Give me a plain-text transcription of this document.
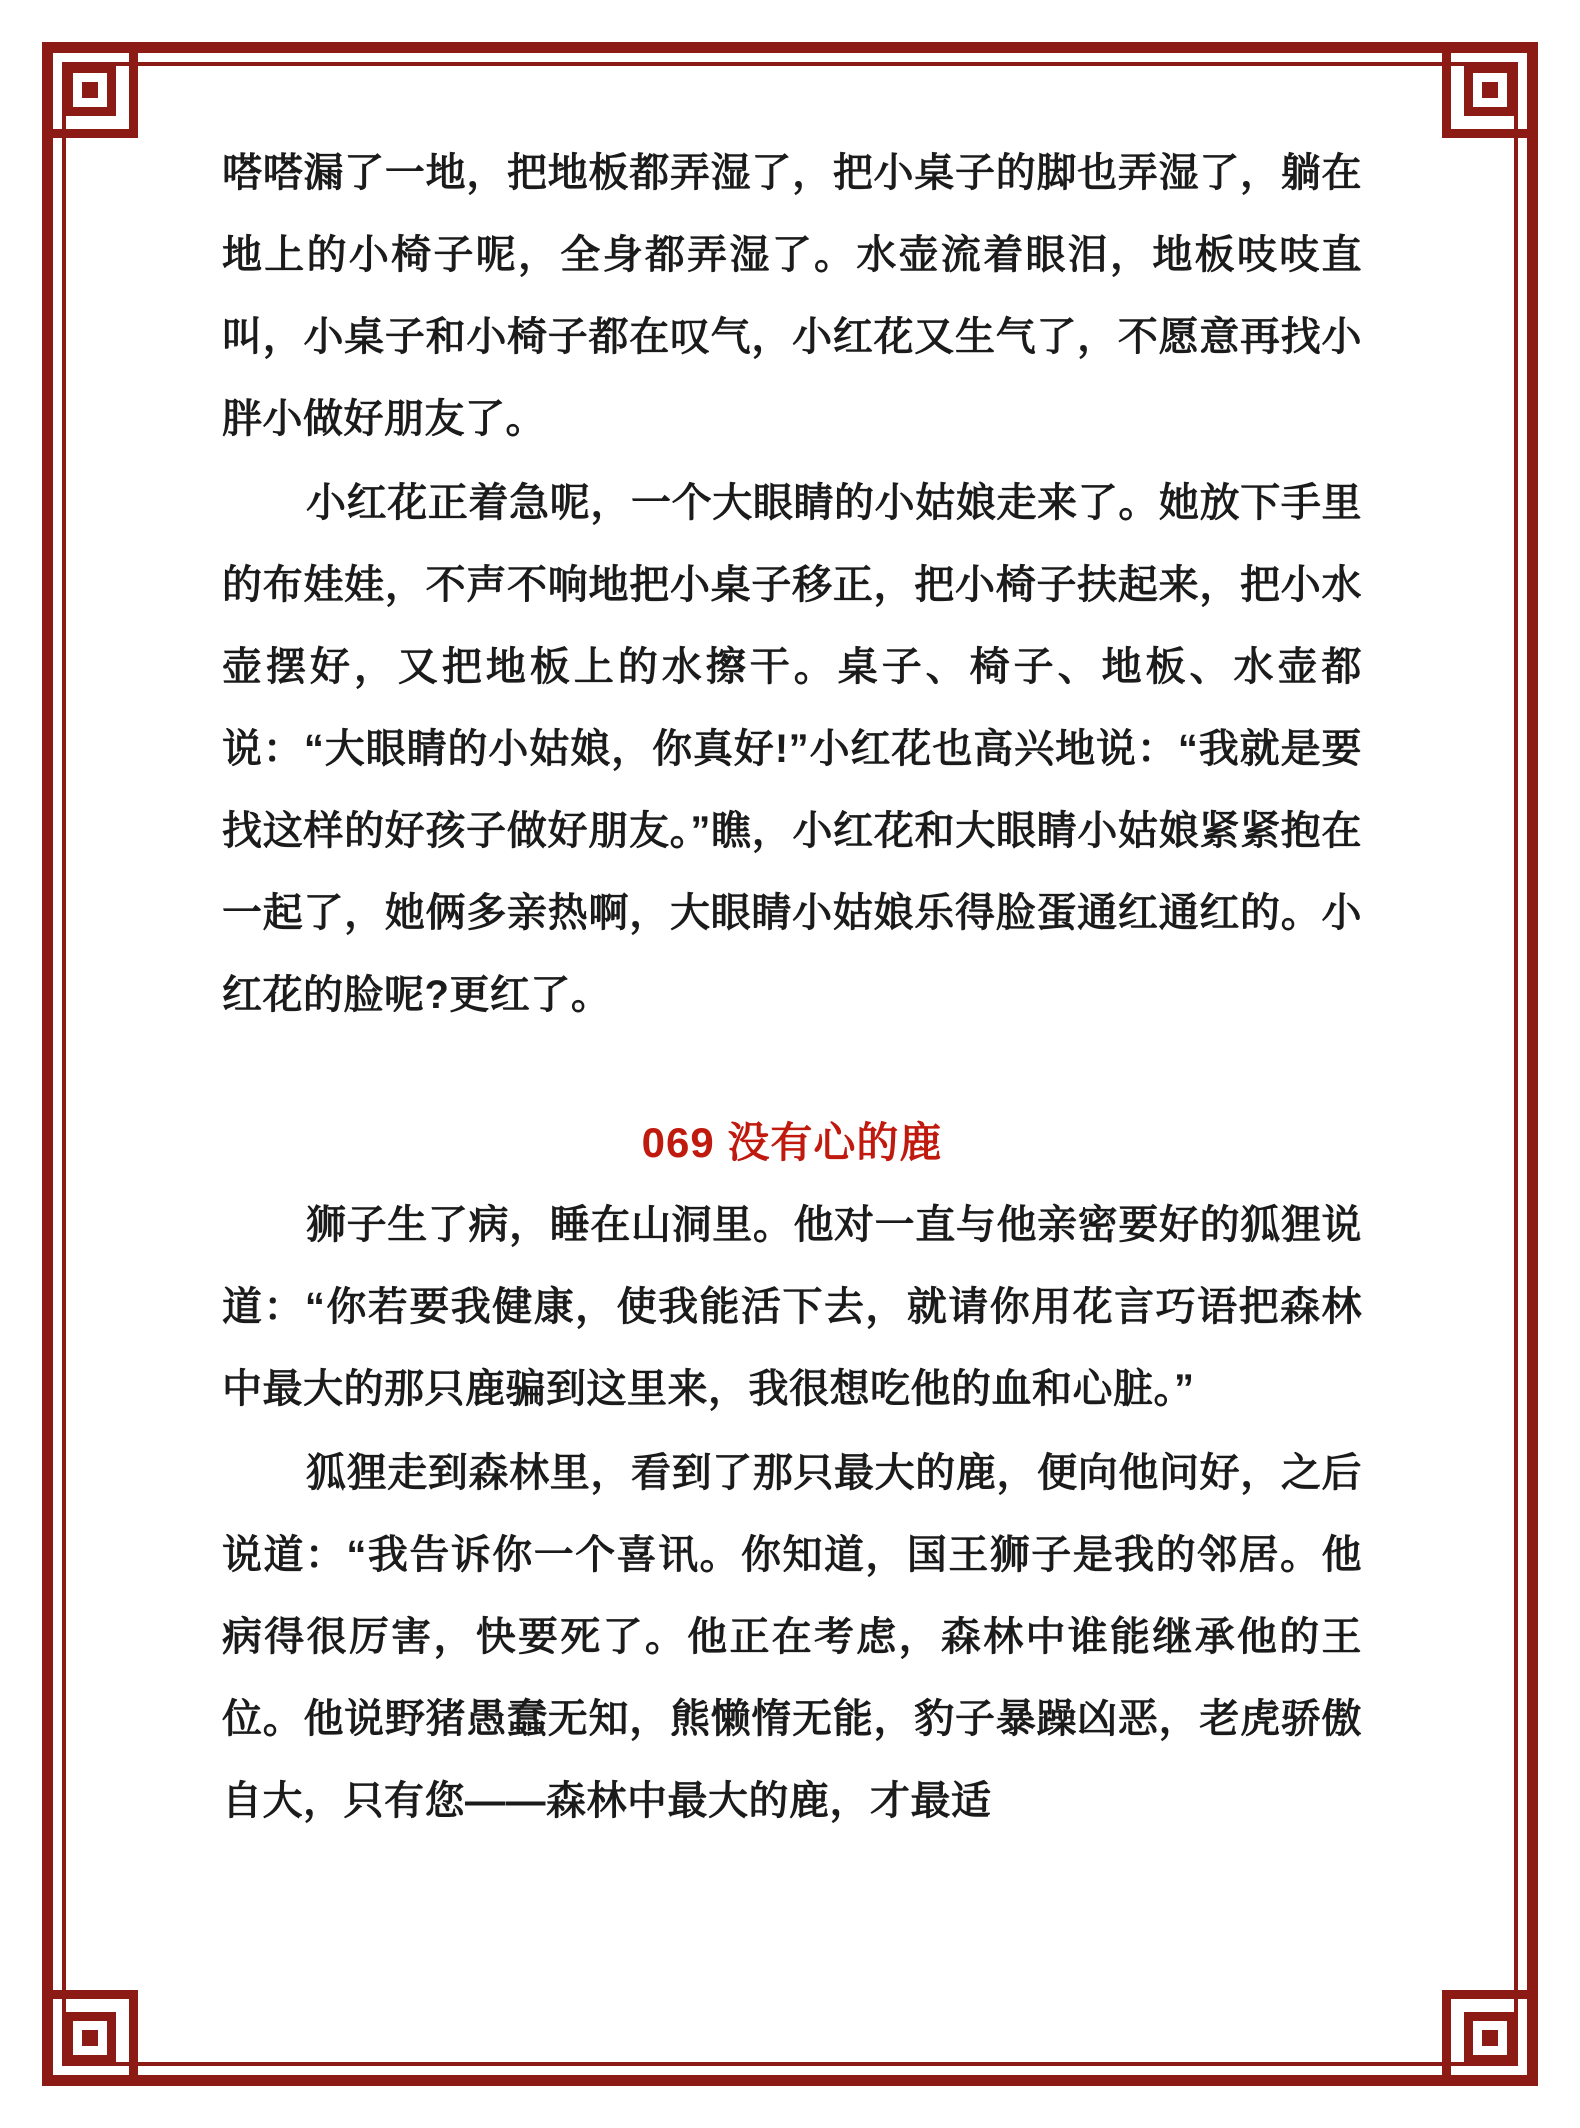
嗒嗒漏了一地，把地板都弄湿了，把小桌子的脚也弄湿了，躺在地上的小椅子呢，全身都弄湿了。水壶流着眼泪，地板吱吱直叫，小桌子和小椅子都在叹气，小红花又生气了，不愿意再找小胖小做好朋友了。

小红花正着急呢，一个大眼睛的小姑娘走来了。她放下手里的布娃娃，不声不响地把小桌子移正，把小椅子扶起来，把小水壶摆好，又把地板上的水擦干。桌子、椅子、地板、水壶都说：“大眼睛的小姑娘，你真好!”小红花也高兴地说：“我就是要找这样的好孩子做好朋友。”瞧，小红花和大眼睛小姑娘紧紧抱在一起了，她俩多亲热啊，大眼睛小姑娘乐得脸蛋通红通红的。小红花的脸呢?更红了。

069 没有心的鹿

狮子生了病，睡在山洞里。他对一直与他亲密要好的狐狸说道：“你若要我健康，使我能活下去，就请你用花言巧语把森林中最大的那只鹿骗到这里来，我很想吃他的血和心脏。”

狐狸走到森林里，看到了那只最大的鹿，便向他问好，之后说道：“我告诉你一个喜讯。你知道，国王狮子是我的邻居。他病得很厉害，快要死了。他正在考虑，森林中谁能继承他的王位。他说野猪愚蠢无知，熊懒惰无能，豹子暴躁凶恶，老虎骄傲自大，只有您——森林中最大的鹿，才最适
